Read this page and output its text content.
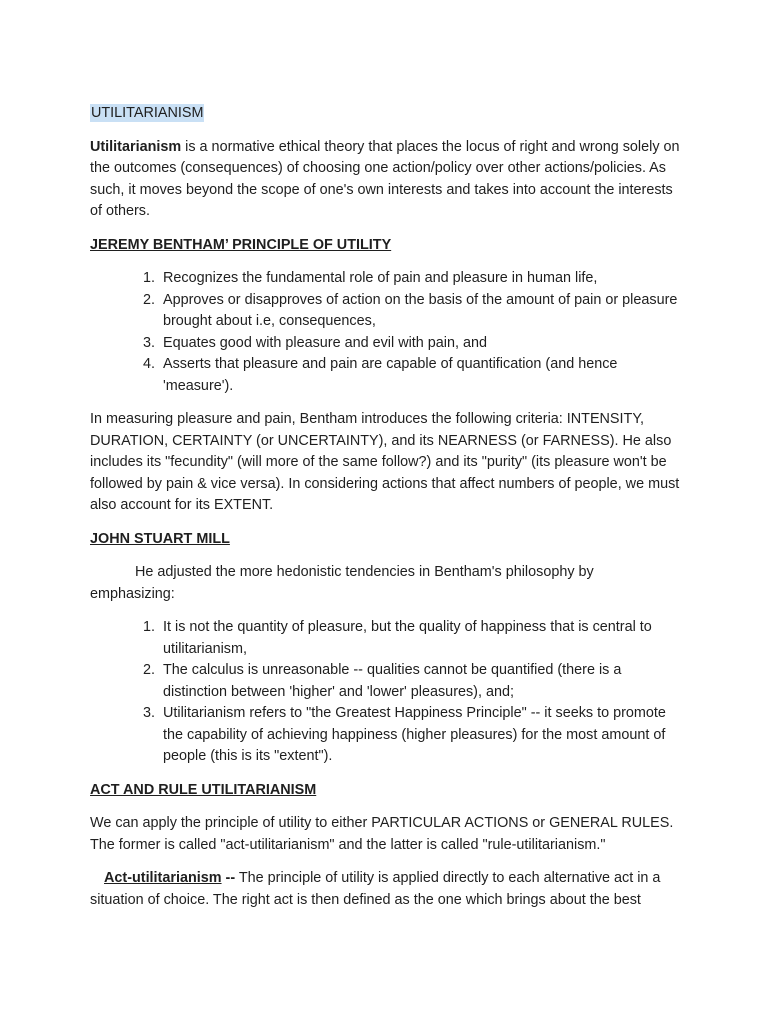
UTILITARIANISM

Utilitarianism is a normative ethical theory that places the locus of right and wrong solely on the outcomes (consequences) of choosing one action/policy over other actions/policies. As such, it moves beyond the scope of one's own interests and takes into account the interests of others.

JEREMY BENTHAM’ PRINCIPLE OF UTILITY
1. Recognizes the fundamental role of pain and pleasure in human life,
2. Approves or disapproves of action on the basis of the amount of pain or pleasure brought about i.e, consequences,
3. Equates good with pleasure and evil with pain, and
4. Asserts that pleasure and pain are capable of quantification (and hence 'measure').

In measuring pleasure and pain, Bentham introduces the following criteria: INTENSITY, DURATION, CERTAINTY (or UNCERTAINTY), and its NEARNESS (or FARNESS). He also includes its "fecundity" (will more of the same follow?) and its "purity" (its pleasure won't be followed by pain & vice versa). In considering actions that affect numbers of people, we must also account for its EXTENT.

JOHN STUART MILL

He adjusted the more hedonistic tendencies in Bentham's philosophy by emphasizing:

1. It is not the quantity of pleasure, but the quality of happiness that is central to utilitarianism,
2. The calculus is unreasonable -- qualities cannot be quantified (there is a distinction between 'higher' and 'lower' pleasures), and;
3. Utilitarianism refers to "the Greatest Happiness Principle" -- it seeks to promote the capability of achieving happiness (higher pleasures) for the most amount of people (this is its "extent").
ACT AND RULE UTILITARIANISM

We can apply the principle of utility to either PARTICULAR ACTIONS or GENERAL RULES. The former is called "act-utilitarianism" and the latter is called "rule-utilitarianism."

Act-utilitarianism -- The principle of utility is applied directly to each alternative act in a situation of choice. The right act is then defined as the one which brings about the best
